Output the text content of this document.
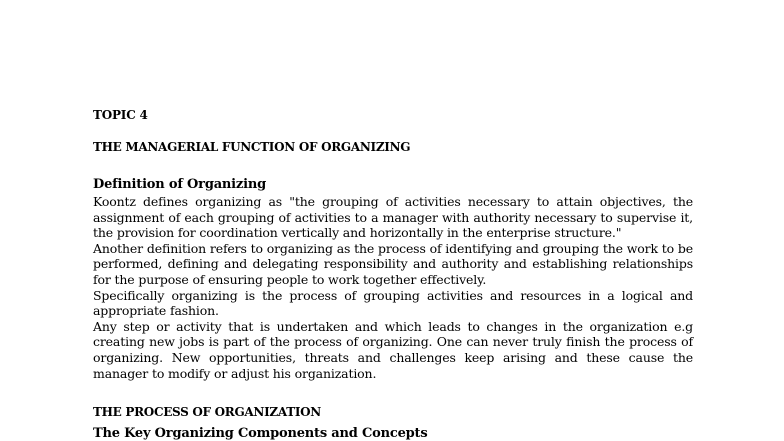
TOPIC 4
THE MANAGERIAL FUNCTION OF ORGANIZING
Definition of Organizing

Koontz defines organizing as "the grouping of activities necessary to attain objectives, the assignment of each grouping of activities to a manager with authority necessary to supervise it, the provision for coordination vertically and horizontally in the enterprise structure."

Another definition refers to organizing as the process of identifying and grouping the work to be performed, defining and delegating responsibility and authority and establishing relationships for the purpose of ensuring people to work together effectively.

Specifically organizing is the process of grouping activities and resources in a logical and appropriate fashion.

Any step or activity that is undertaken and which leads to changes in the organization e.g creating new jobs is part of the process of organizing. One can never truly finish the process of organizing. New opportunities, threats and challenges keep arising and these cause the manager to modify or adjust his organization.

THE PROCESS OF ORGANIZATION
The Key Organizing Components and Concepts
